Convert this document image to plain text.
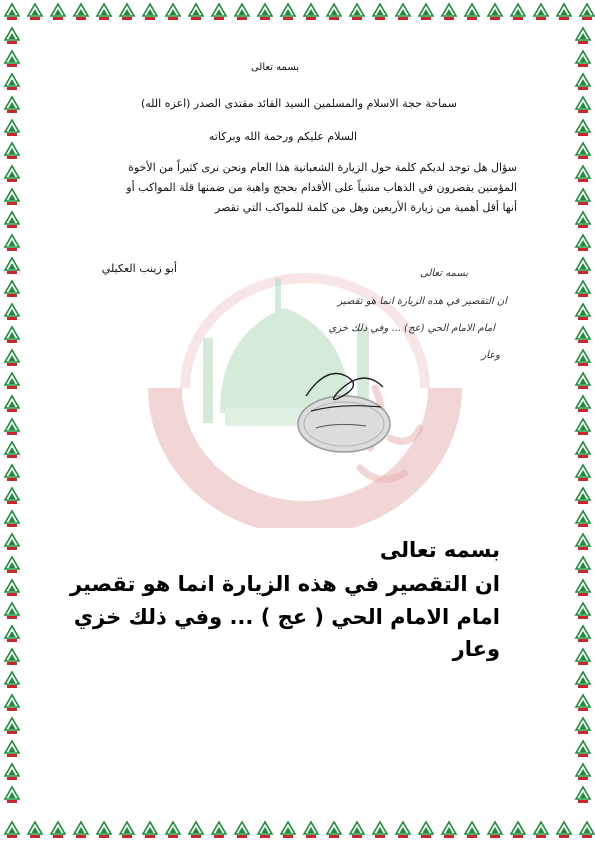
بسمه تعالى
سماحة حجة الاسلام والمسلمين السيد القائد مقتدى الصدر (اعزه الله)
السلام عليكم ورحمة الله وبركاته
سؤال هل توجد لديكم كلمة حول الزيارة الشعبانية هذا العام ونحن نرى كثيراً من الأخوة المؤمنين يقصرون في الذهاب مشياً على الأقدام بحجج واهية من ضمنها قلة المواكب أو أنها أقل أهمية من زيارة الأربعين وهل من كلمة للمواكب التي تقصر
أبو زينب العكيلي	بسمه تعالى
ان التقصير في هذه الزيارة انما هو تقصير
امام الامام الحي (عج) ... وفي ذلك خزي
وعار
بسمه تعالى
ان التقصير في هذه الزيارة انما هو تقصير
امام الامام الحي ( عج ) ... وفي ذلك خزي
وعار
